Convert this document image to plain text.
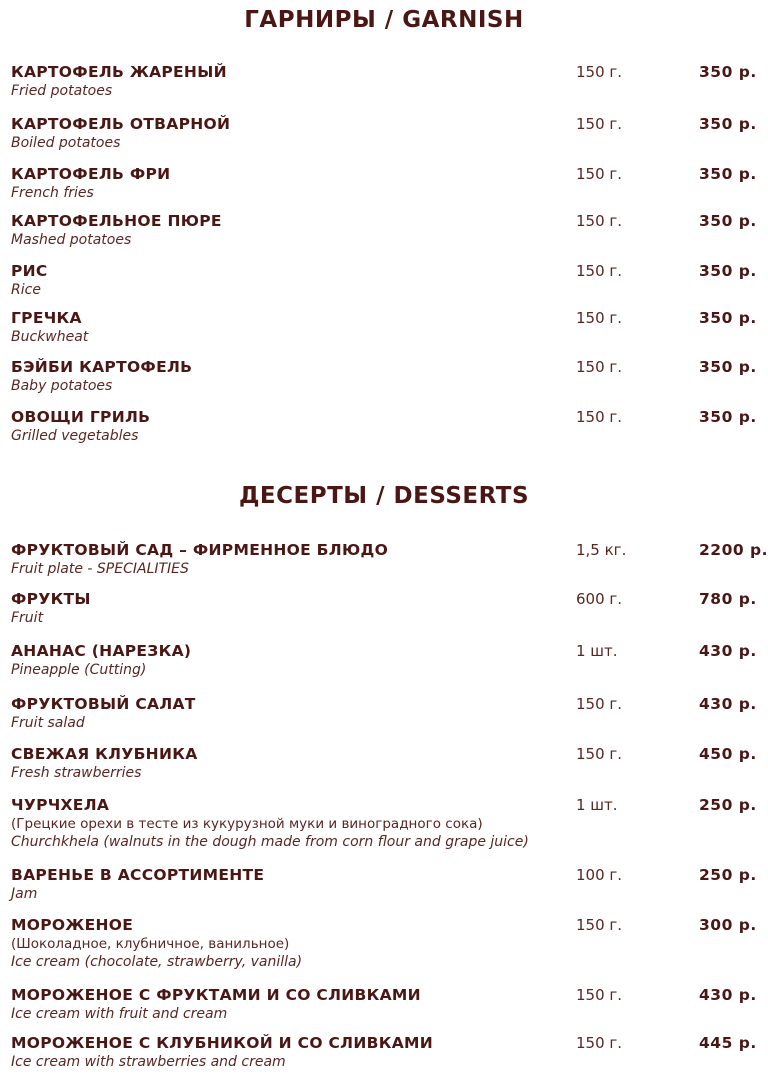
ГАРНИРЫ / GARNISH
КАРТОФЕЛЬ ЖАРЕНЫЙ
Fried potatoes
150 г.	350 р.
КАРТОФЕЛЬ ОТВАРНОЙ
Boiled potatoes
150 г.	350 р.
КАРТОФЕЛЬ ФРИ
French fries
150 г.	350 р.
КАРТОФЕЛЬНОЕ ПЮРЕ
Mashed potatoes
150 г.	350 р.
РИС
Rice
150 г.	350 р.
ГРЕЧКА
Buckwheat
150 г.	350 р.
БЭЙБИ КАРТОФЕЛЬ
Baby potatoes
150 г.	350 р.
ОВОЩИ ГРИЛЬ
Grilled vegetables
150 г.	350 р.
ДЕСЕРТЫ / DESSERTS
ФРУКТОВЫЙ САД – ФИРМЕННОЕ БЛЮДО
Fruit plate - SPECIALITIES
1,5 кг.	2200 р.
ФРУКТЫ
Fruit
600 г.	780 р.
АНАНАС (НАРЕЗКА)
Pineapple (Cutting)
1 шт.	430 р.
ФРУКТОВЫЙ САЛАТ
Fruit salad
150 г.	430 р.
СВЕЖАЯ КЛУБНИКА
Fresh strawberries
150 г.	450 р.
ЧУРЧХЕЛА
(Грецкие орехи в тесте из кукурузной муки и виноградного сока)
Churchkhela (walnuts in the dough made from corn flour and grape juice)
1 шт.	250 р.
ВАРЕНЬЕ В АССОРТИМЕНТЕ
Jam
100 г.	250 р.
МОРОЖЕНОЕ
(Шоколадное, клубничное, ванильное)
Ice cream (chocolate, strawberry, vanilla)
150 г.	300 р.
МОРОЖЕНОЕ С ФРУКТАМИ И СО СЛИВКАМИ
Ice cream with fruit and cream
150 г.	430 р.
МОРОЖЕНОЕ С КЛУБНИКОЙ И СО СЛИВКАМИ
Ice cream with strawberries and cream
150 г.	445 р.
